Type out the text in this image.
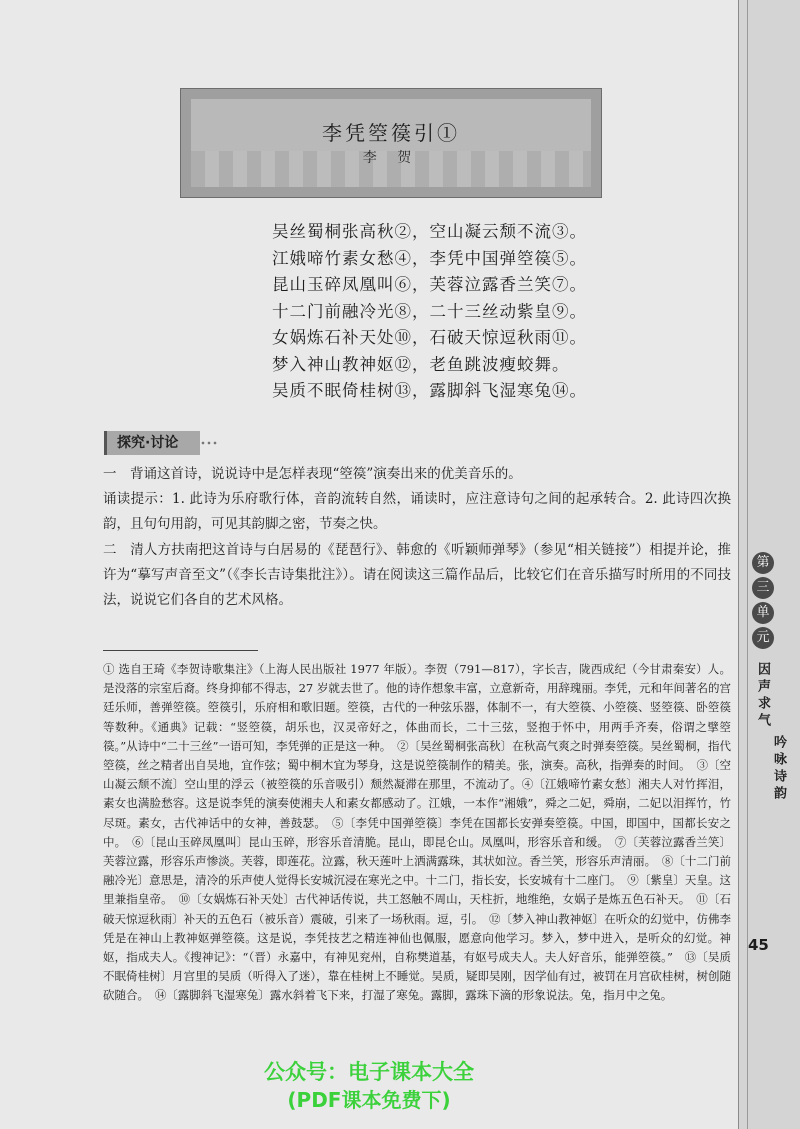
第
三
单
元
因声求气
吟咏诗韵
45
李凭箜篌引①
李 贺
吴丝蜀桐张高秋②，空山凝云颓不流③。
江娥啼竹素女愁④，李凭中国弹箜篌⑤。
昆山玉碎凤凰叫⑥，芙蓉泣露香兰笑⑦。
十二门前融冷光⑧，二十三丝动紫皇⑨。
女娲炼石补天处⑩，石破天惊逗秋雨⑪。
梦入神山教神妪⑫，老鱼跳波瘦蛟舞。
吴质不眠倚桂树⑬，露脚斜飞湿寒兔⑭。
探究·讨论
一　背诵这首诗，说说诗中是怎样表现“箜篌”演奏出来的优美音乐的。
诵读提示：1. 此诗为乐府歌行体，音韵流转自然，诵读时，应注意诗句之间的起承转合。2. 此诗四次换韵，且句句用韵，可见其韵脚之密，节奏之快。
二　清人方扶南把这首诗与白居易的《琵琶行》、韩愈的《听颖师弹琴》（参见“相关链接”）相提并论，推许为“摹写声音至文”（《李长吉诗集批注》）。请在阅读这三篇作品后，比较它们在音乐描写时所用的不同技法，说说它们各自的艺术风格。
① 选自王琦《李贺诗歌集注》（上海人民出版社 1977 年版）。李贺（791—817），字长吉，陇西成纪（今甘肃秦安）人。是没落的宗室后裔。终身抑郁不得志，27 岁就去世了。他的诗作想象丰富，立意新奇，用辞瑰丽。李凭，元和年间著名的宫廷乐师，善弹箜篌。箜篌引，乐府相和歌旧题。箜篌，古代的一种弦乐器，体制不一，有大箜篌、小箜篌、竖箜篌、卧箜篌等数种。《通典》记载：“竖箜篌，胡乐也，汉灵帝好之，体曲而长，二十三弦，竖抱于怀中，用两手齐奏，俗谓之擘箜篌。”从诗中“二十三丝”一语可知，李凭弹的正是这一种。　②〔吴丝蜀桐张高秋〕在秋高气爽之时弹奏箜篌。吴丝蜀桐，指代箜篌，丝之精者出自吴地，宜作弦；蜀中桐木宜为琴身，这是说箜篌制作的精美。张，演奏。高秋，指弹奏的时间。　③〔空山凝云颓不流〕空山里的浮云（被箜篌的乐音吸引）颓然凝滞在那里，不流动了。④〔江娥啼竹素女愁〕湘夫人对竹挥泪，素女也满脸愁容。这是说李凭的演奏使湘夫人和素女都感动了。江娥，一本作“湘娥”，舜之二妃，舜崩，二妃以泪挥竹，竹尽斑。素女，古代神话中的女神，善鼓瑟。　⑤〔李凭中国弹箜篌〕李凭在国都长安弹奏箜篌。中国，即国中，国都长安之中。　⑥〔昆山玉碎凤凰叫〕昆山玉碎，形容乐音清脆。昆山，即昆仑山。凤凰叫，形容乐音和缓。　⑦〔芙蓉泣露香兰笑〕芙蓉泣露，形容乐声惨淡。芙蓉，即莲花。泣露，秋天莲叶上洒满露珠，其状如泣。香兰笑，形容乐声清丽。　⑧〔十二门前融冷光〕意思是，清冷的乐声使人觉得长安城沉浸在寒光之中。十二门，指长安，长安城有十二座门。　⑨〔紫皇〕天皇。这里兼指皇帝。　⑩〔女娲炼石补天处〕古代神话传说，共工怒触不周山，天柱折，地维绝，女娲子是炼五色石补天。　⑪〔石破天惊逗秋雨〕补天的五色石（被乐音）震破，引来了一场秋雨。逗，引。　⑫〔梦入神山教神妪〕在听众的幻觉中，仿佛李凭是在神山上教神妪弹箜篌。这是说，李凭技艺之精连神仙也佩服，愿意向他学习。梦入，梦中进入，是听众的幻觉。神妪，指成夫人。《搜神记》：“（晋）永嘉中，有神见兖州，自称樊道基，有妪号成夫人。夫人好音乐，能弹箜篌。”　⑬〔吴质不眠倚桂树〕月宫里的吴质（听得入了迷），靠在桂树上不睡觉。吴质，疑即吴刚，因学仙有过，被罚在月宫砍桂树，树创随砍随合。　⑭〔露脚斜飞湿寒兔〕露水斜着飞下来，打湿了寒兔。露脚，露珠下滴的形象说法。兔，指月中之兔。
公众号：电子课本大全
(PDF课本免费下)
